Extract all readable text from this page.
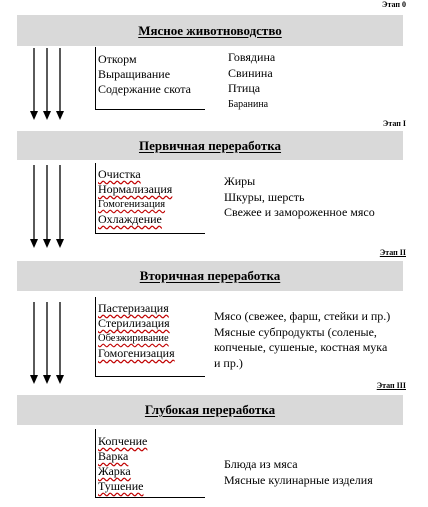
Этап 0
Мясное животноводство
Откорм
Выращивание
Содержание скота
Говядина
Свинина
Птица
Баранина
Этап I
Первичная переработка
Очистка
Нормализация
Гомогенизация
Охлаждение
Жиры
Шкуры, шерсть
Свежее и замороженное мясо
Этап II
Вторичная переработка
Пастеризация
Стерилизация
Обезжиривание
Гомогенизация
Мясо (свежее, фарш, стейки и пр.)
Мясные субпродукты (соленые,
копченые, сушеные, костная мука
и пр.)
Этап III
Глубокая переработка
Копчение
Варка
Жарка
Тушение
Блюда из мяса
Мясные кулинарные изделия
